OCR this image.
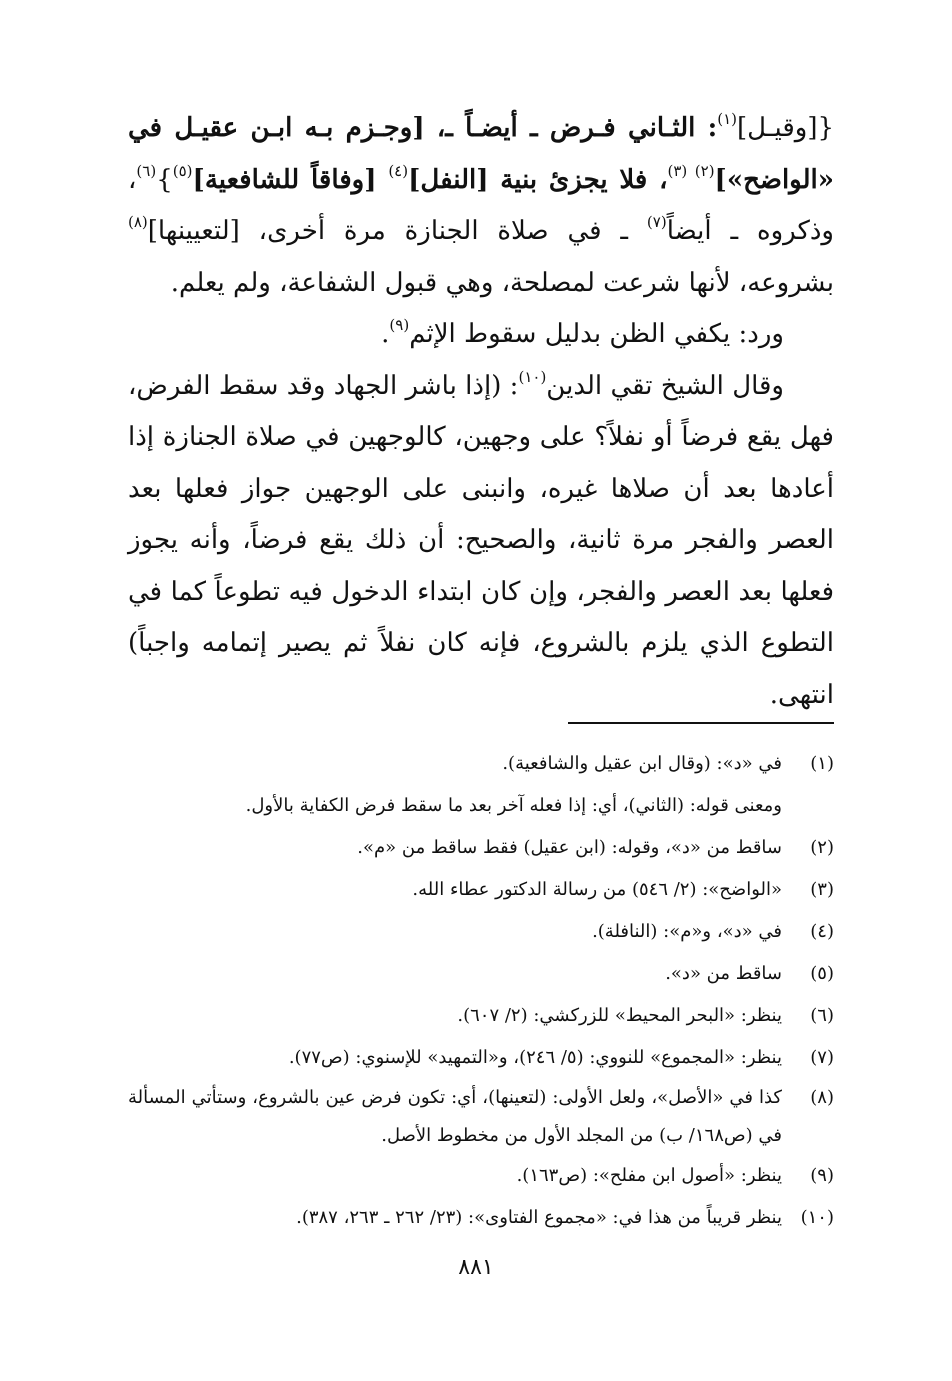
{[وقيـل]$^{(١)}$: الثـاني فـرض ـ أيضـاً ـ، [وجـزم بـه ابـن عقيـل في «الواضح»]$^{(٢)}$ $^{(٣)}$، فلا يجزئ بنية [النفل]$^{(٤)}$ [وفاقاً للشافعية]$^{(٥)}$}$^{(٦)}$، وذكروه ـ أيضاً$^{(٧)}$ ـ في صلاة الجنازة مرة أخرى، [لتعيينها]$^{(٨)}$ بشروعه، لأنها شرعت لمصلحة، وهي قبول الشفاعة، ولم يعلم.

ورد: يكفي الظن بدليل سقوط الإثم$^{(٩)}$.

وقال الشيخ تقي الدين$^{(١٠)}$: (إذا باشر الجهاد وقد سقط الفرض، فهل يقع فرضاً أو نفلاً؟ على وجهين، كالوجهين في صلاة الجنازة إذا أعادها بعد أن صلاها غيره، وانبنى على الوجهين جواز فعلها بعد العصر والفجر مرة ثانية، والصحيح: أن ذلك يقع فرضاً، وأنه يجوز فعلها بعد العصر والفجر، وإن كان ابتداء الدخول فيه تطوعاً كما في التطوع الذي يلزم بالشروع، فإنه كان نفلاً ثم يصير إتمامه واجباً) انتهى.

(١)
في «د»: (وقال ابن عقيل والشافعية).
ومعنى قوله: (الثاني)، أي: إذا فعله آخر بعد ما سقط فرض الكفاية بالأول.
(٢)
ساقط من «د»، وقوله: (ابن عقيل) فقط ساقط من «م».
(٣)
«الواضح»: (٢/ ٥٤٦) من رسالة الدكتور عطاء الله.
(٤)
في «د»، و«م»: (النافلة).
(٥)
ساقط من «د».
(٦)
ينظر: «البحر المحيط» للزركشي: (٢/ ٦٠٧).
(٧)
ينظر: «المجموع» للنووي: (٥/ ٢٤٦)، و«التمهيد» للإسنوي: (ص٧٧).
(٨)
كذا في «الأصل»، ولعل الأولى: (لتعينها)، أي: تكون فرض عين بالشروع، وستأتي المسألة في (ص١٦٨/ ب) من المجلد الأول من مخطوط الأصل.
(٩)
ينظر: «أصول ابن مفلح»: (ص١٦٣).
(١٠)
ينظر قريباً من هذا في: «مجموع الفتاوى»: (٢٣/ ٢٦٢ ـ ٢٦٣، ٣٨٧).
٨٨١
